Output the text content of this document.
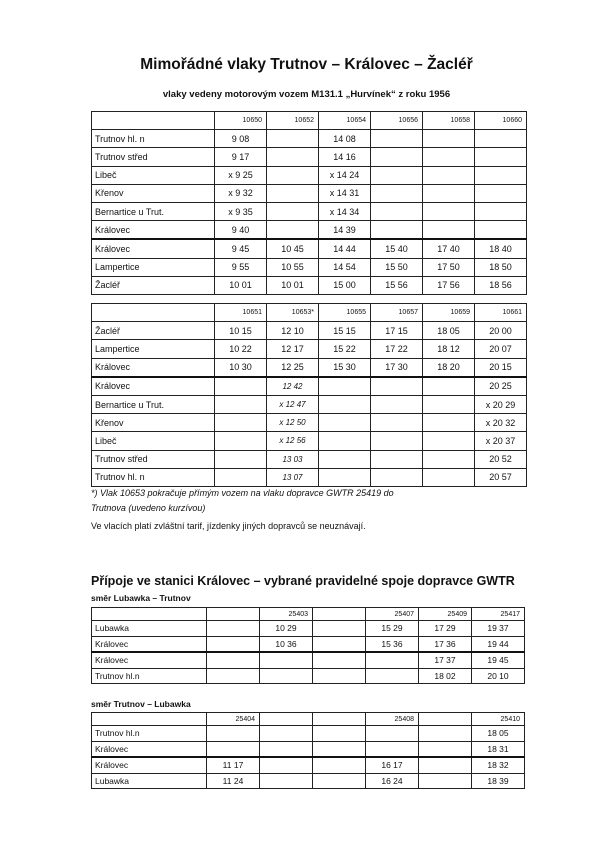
Mimořádné vlaky Trutnov – Královec – Žacléř
vlaky vedeny motorovým vozem M131.1 „Hurvínek“ z roku 1956
	10650	10652	10654	10656	10658	10660
Trutnov hl. n	9 08		14 08			
Trutnov střed	9 17		14 16			
Libeč	x 9 25		x 14 24			
Křenov	x 9 32		x 14 31			
Bernartice u Trut.	x 9 35		x 14 34			
Královec	9 40		14 39			
Královec	9 45	10 45	14 44	15 40	17 40	18 40
Lampertice	9 55	10 55	14 54	15 50	17 50	18 50
Žacléř	10 01	10 01	15 00	15 56	17 56	18 56
	10651	10653*	10655	10657	10659	10661
Žacléř	10 15	12 10	15 15	17 15	18 05	20 00
Lampertice	10 22	12 17	15 22	17 22	18 12	20 07
Královec	10 30	12 25	15 30	17 30	18 20	20 15
Královec		12 42				20 25
Bernartice u Trut.		x 12 47				x 20 29
Křenov		x 12 50				x 20 32
Libeč		x 12 56				x 20 37
Trutnov střed		13 03				20 52
Trutnov hl. n		13 07				20 57
*) Vlak 10653 pokračuje přímým vozem na vlaku dopravce GWTR 25419 do
Trutnova (uvedeno kurzívou)
Ve vlacích platí zvláštní tarif, jízdenky jiných dopravců se neuznávají.
Přípoje ve stanici Královec – vybrané pravidelné spoje dopravce GWTR
směr Lubawka – Trutnov
		25403		25407	25409	25417
Lubawka		10 29		15 29	17 29	19 37
Královec		10 36		15 36	17 36	19 44
Královec					17 37	19 45
Trutnov hl.n					18 02	20 10
směr Trutnov – Lubawka
	25404			25408		25410
Trutnov hl.n						18 05
Královec						18 31
Královec	11 17			16 17		18 32
Lubawka	11 24			16 24		18 39
